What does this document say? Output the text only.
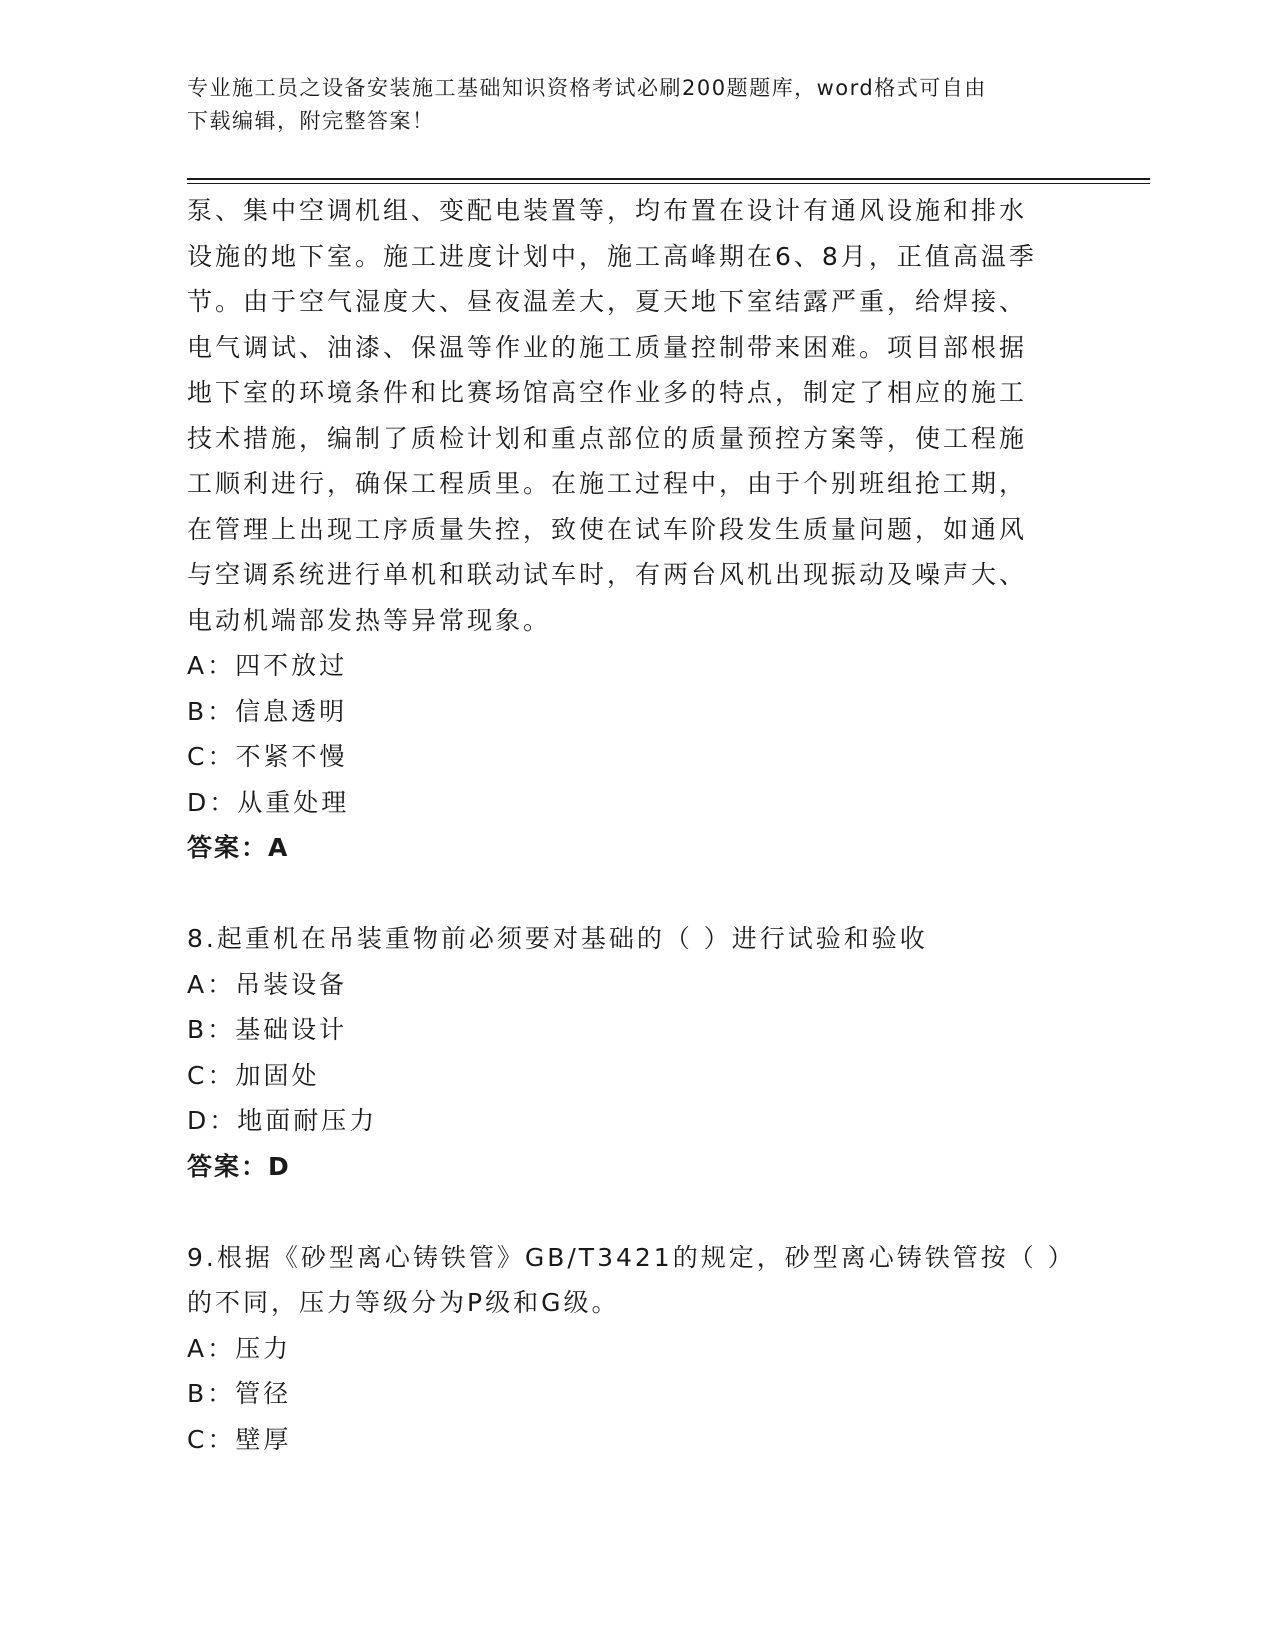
专业施工员之设备安装施工基础知识资格考试必刷200题题库，word格式可自由
下载编辑，附完整答案！
泵、集中空调机组、变配电装置等，均布置在设计有通风设施和排水
设施的地下室。施工进度计划中，施工高峰期在6、8月，正值高温季
节。由于空气湿度大、昼夜温差大，夏天地下室结露严重，给焊接、
电气调试、油漆、保温等作业的施工质量控制带来困难。项目部根据
地下室的环境条件和比赛场馆高空作业多的特点，制定了相应的施工
技术措施，编制了质检计划和重点部位的质量预控方案等，使工程施
工顺利进行，确保工程质里。在施工过程中，由于个别班组抢工期，
在管理上出现工序质量失控，致使在试车阶段发生质量问题，如通风
与空调系统进行单机和联动试车时，有两台风机出现振动及噪声大、
电动机端部发热等异常现象。
A：四不放过
B：信息透明
C：不紧不慢
D：从重处理
答案：A
8.起重机在吊装重物前必须要对基础的（ ）进行试验和验收
A：吊装设备
B：基础设计
C：加固处
D：地面耐压力
答案：D
9.根据《砂型离心铸铁管》GB/T3421的规定，砂型离心铸铁管按（ ）
的不同，压力等级分为P级和G级。
A：压力
B：管径
C：壁厚
